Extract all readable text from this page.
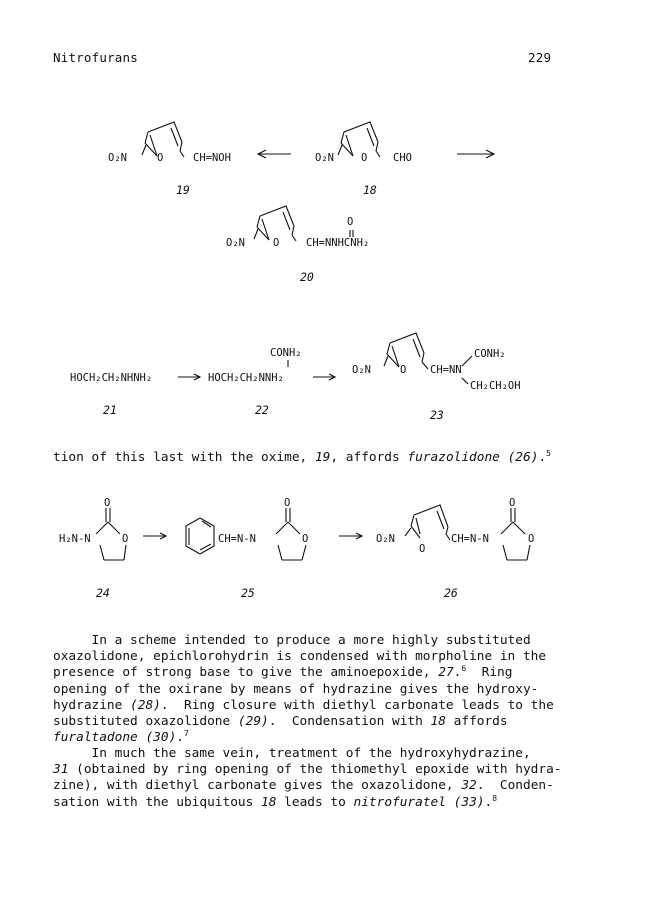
Nitrofurans	229
O₂N	O	CH=NOH
19
O₂N	O CHO
18
O₂N	O
O
CH=NNHCNH₂
20
HOCH₂CH₂NHNH₂
21
CONH₂
HOCH₂CH₂NNH₂
22
O₂N	O CH=NN
CONH₂
CH₂CH₂OH
23
O
H₂N-N	O
24
O
CH=N-N	O
25
O
O₂N
O
CH=N-N	O
26

tion of this last with the oxime, 19, affords furazolidone (26).$^5$

In a scheme intended to produce a more highly substituted
oxazolidone, epichlorohydrin is condensed with morpholine in the
presence of strong base to give the aminoepoxide, 27.$^6$  Ring
opening of the oxirane by means of hydrazine gives the hydroxy-
hydrazine (28).  Ring closure with diethyl carbonate leads to the
substituted oxazolidone (29).  Condensation with 18 affords
furaltadone (30).$^7$

In much the same vein, treatment of the hydroxyhydrazine,
31 (obtained by ring opening of the thiomethyl epoxide with hydra-
zine), with diethyl carbonate gives the oxazolidone, 32.  Conden-
sation with the ubiquitous 18 leads to nitrofuratel (33).$^8$
